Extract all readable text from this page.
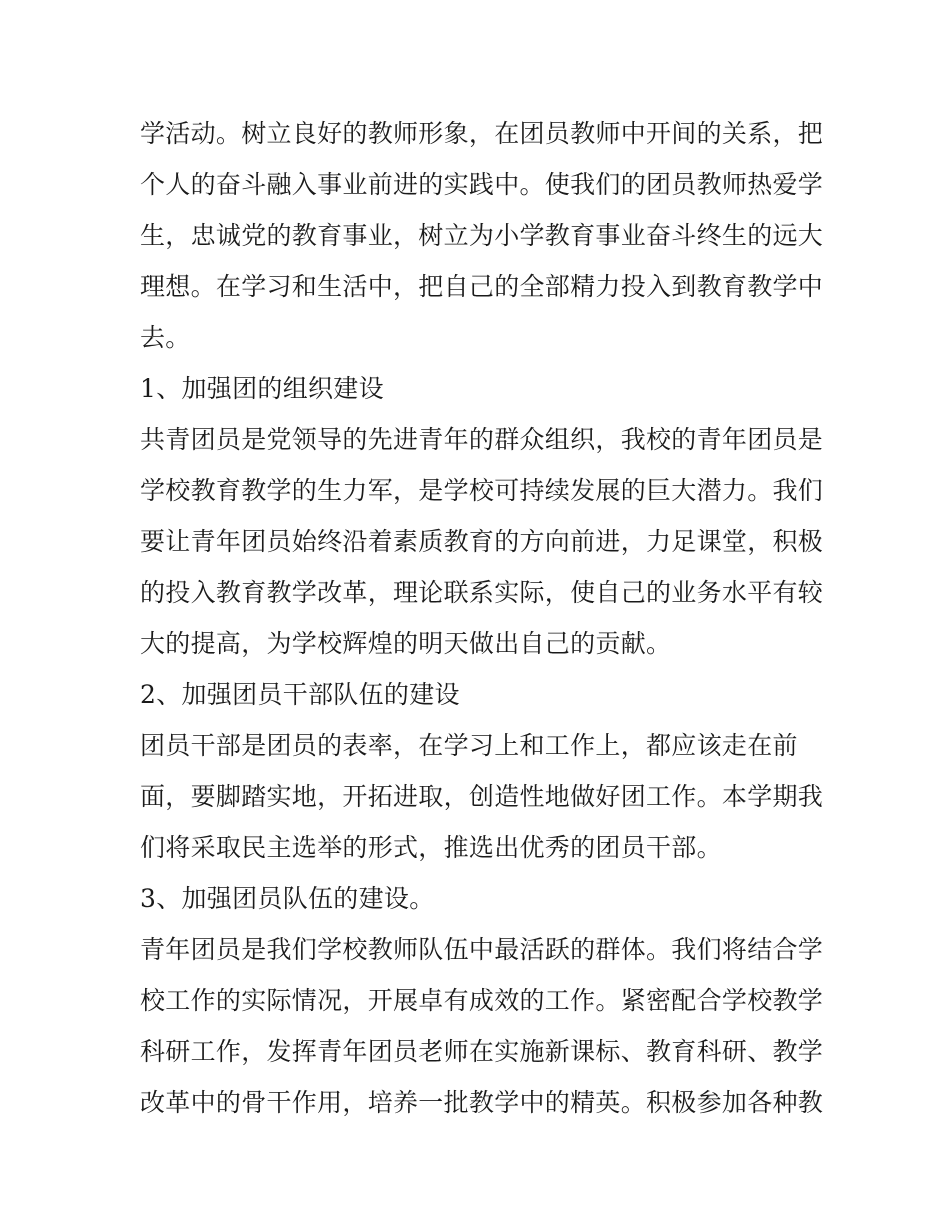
学活动。树立良好的教师形象，在团员教师中开间的关系，把
个人的奋斗融入事业前进的实践中。使我们的团员教师热爱学
生，忠诚党的教育事业，树立为小学教育事业奋斗终生的远大
理想。在学习和生活中，把自己的全部精力投入到教育教学中
去。
1、加强团的组织建设
共青团员是党领导的先进青年的群众组织，我校的青年团员是
学校教育教学的生力军，是学校可持续发展的巨大潜力。我们
要让青年团员始终沿着素质教育的方向前进，力足课堂，积极
的投入教育教学改革，理论联系实际，使自己的业务水平有较
大的提高，为学校辉煌的明天做出自己的贡献。
2、加强团员干部队伍的建设
团员干部是团员的表率，在学习上和工作上，都应该走在前
面，要脚踏实地，开拓进取，创造性地做好团工作。本学期我
们将采取民主选举的形式，推选出优秀的团员干部。
3、加强团员队伍的建设。
青年团员是我们学校教师队伍中最活跃的群体。我们将结合学
校工作的实际情况，开展卓有成效的工作。紧密配合学校教学
科研工作，发挥青年团员老师在实施新课标、教育科研、教学
改革中的骨干作用，培养一批教学中的精英。积极参加各种教
